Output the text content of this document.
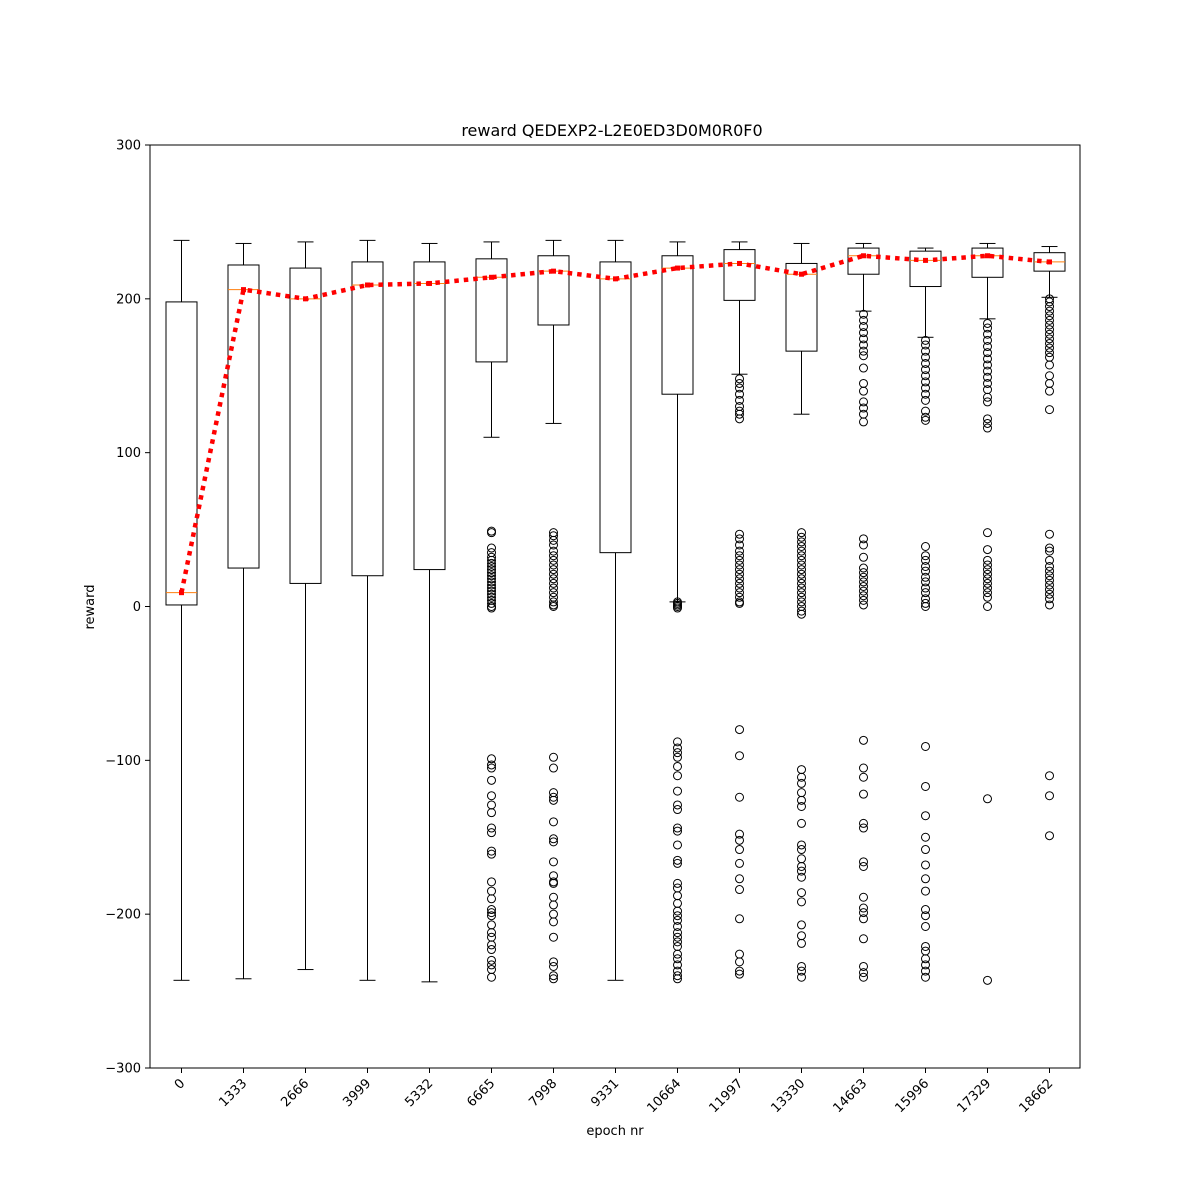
reward QEDEXP2-L2E0ED3D0M0R0F0
epoch nr
reward
−300
−200
−100
0
100
200
300
0 1333 2666 3999 5332 6665 7998 9331 10664 11997 13330 14663 15996 17329 18662
